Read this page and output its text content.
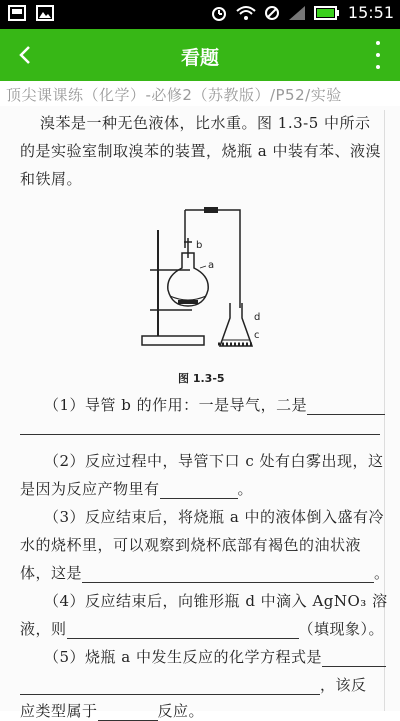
15:51
看题
顶尖课课练（化学）-必修2（苏教版）/P52/实验
溴苯是一种无色液体，比水重。图 1.3-5 中所示
的是实验室制取溴苯的装置，烧瓶 a 中装有苯、液溴
和铁屑。
b
a
d
c
图 1.3-5
（1）导管 b 的作用：一是导气，二是
（2）反应过程中，导管下口 c 处有白雾出现，这
是因为反应产物里有	。
（3）反应结束后，将烧瓶 a 中的液体倒入盛有冷
水的烧杯里，可以观察到烧杯底部有褐色的油状液
体，这是	。
（4）反应结束后，向锥形瓶 d 中滴入 AgNO₃ 溶
液，则	（填现象）。
（5）烧瓶 a 中发生反应的化学方程式是
，该反
应类型属于	反应。
